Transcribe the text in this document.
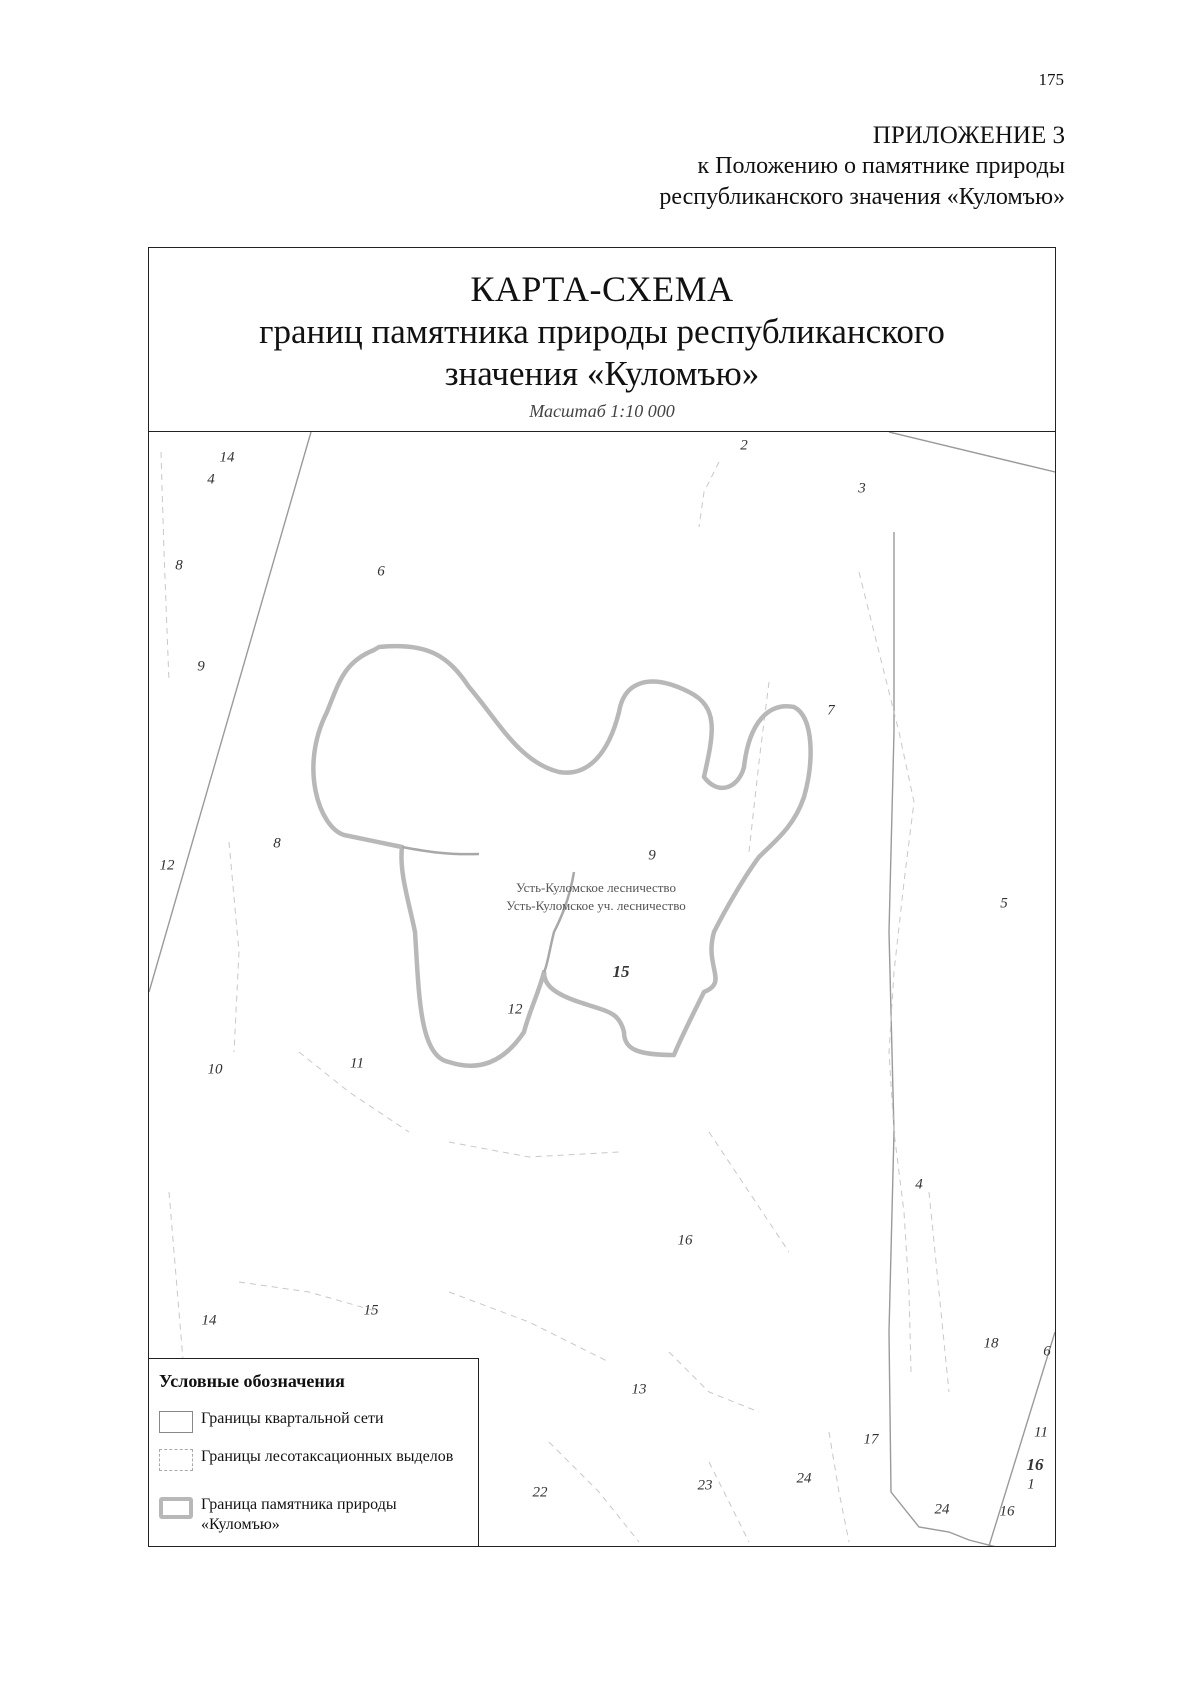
175
ПРИЛОЖЕНИЕ 3
к Положению о памятнике природы
республиканского значения «Куломъю»
КАРТА-СХЕМА
границ памятника природы республиканского
значения «Куломъю»
Масштаб 1:10 000
14
4
2
3
8	6
9
7
12
8
9
5
15
12
10	11
4
16
14
15
18	6
13
17	11
16
1
22	23	24
24	16
Усть-Куломское лесничество
Усть-Куломское уч. лесничество
Условные обозначения
Границы квартальной сети
Границы лесотаксационных выделов
Граница памятника природы «Куломъю»
